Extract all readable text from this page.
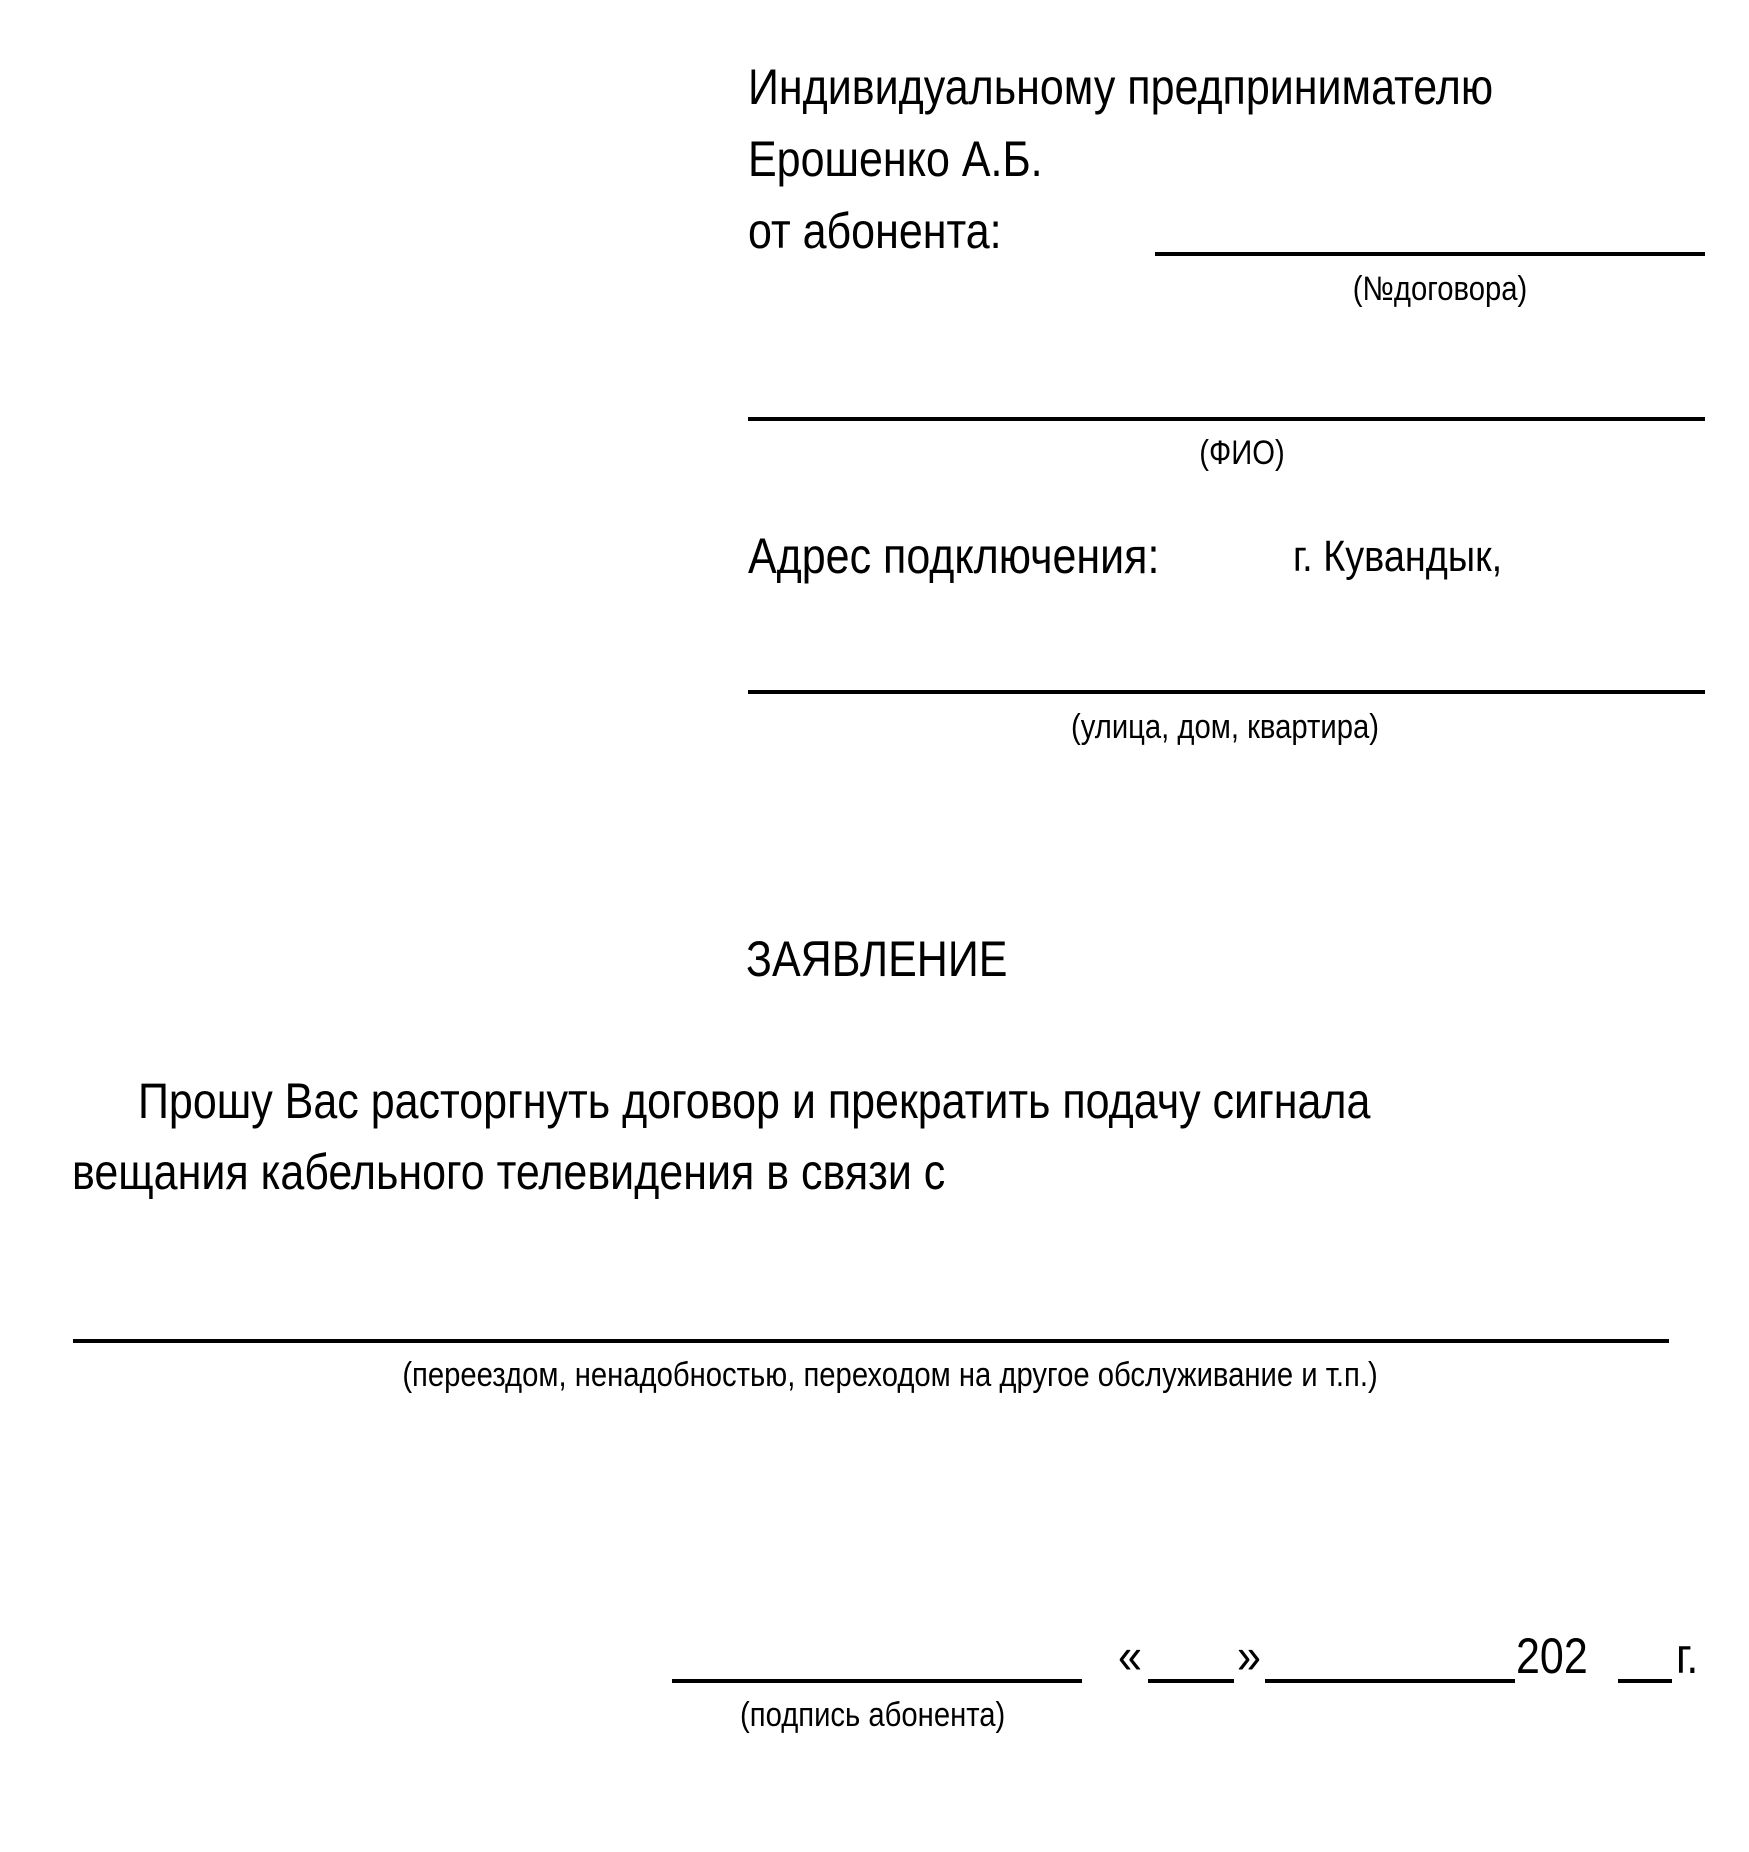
Индивидуальному предпринимателю
Ерошенко А.Б.
от абонента:
(№договора)
(ФИО)
Адрес подключения:	г. Кувандык,
(улица, дом, квартира)
ЗАЯВЛЕНИЕ
Прошу Вас расторгнуть договор и прекратить подачу сигнала
вещания кабельного телевидения в связи с
(переездом, ненадобностью, переходом на другое обслуживание и т.п.)
« »	202 г.
(подпись абонента)
